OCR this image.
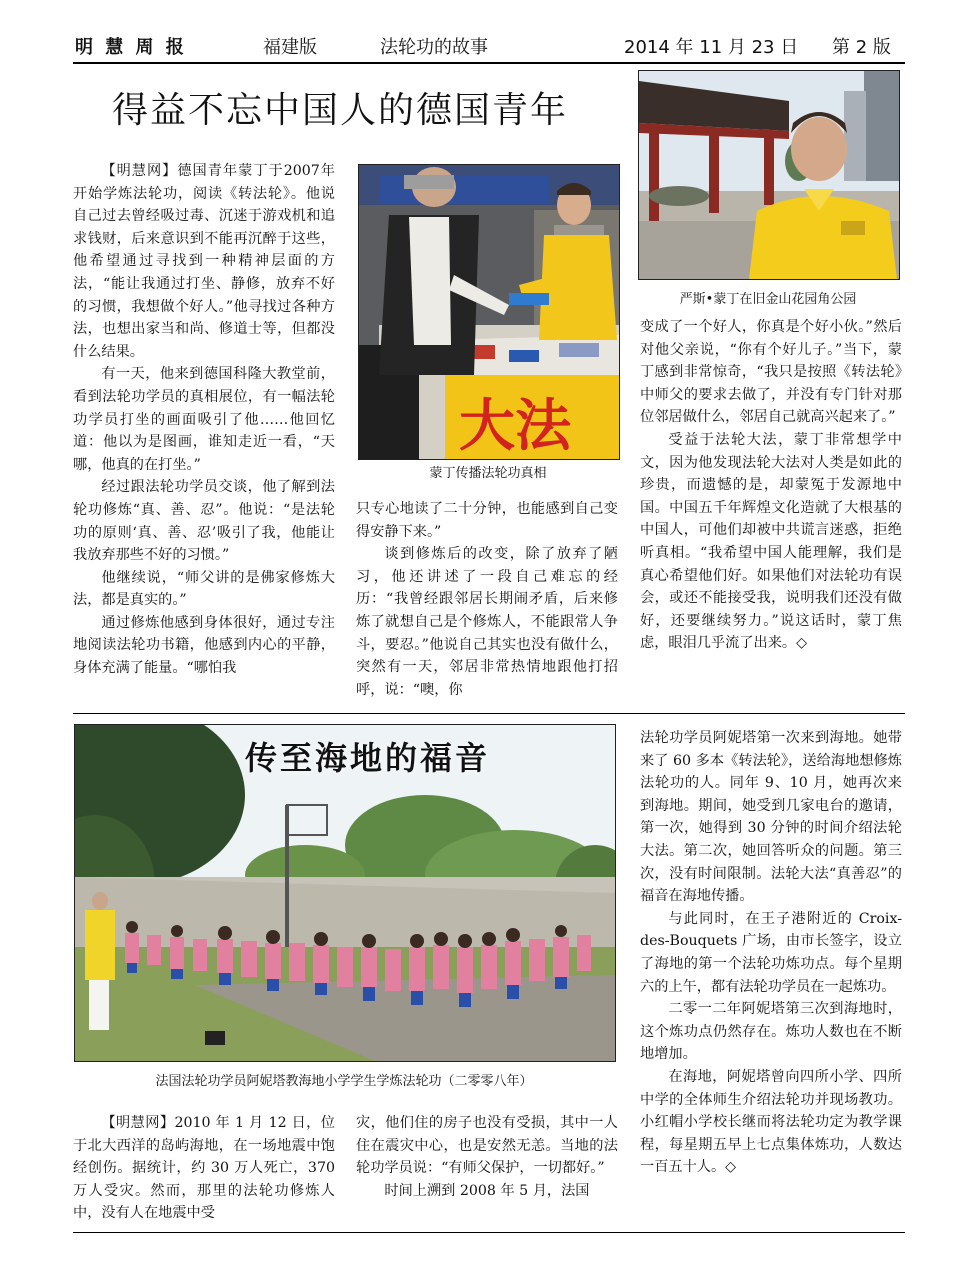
明 慧 周 报	福建版	法轮功的故事	2014 年 11 月 23 日 第 2 版
得益不忘中国人的德国青年
大法
蒙丁传播法轮功真相
严斯•蒙丁在旧金山花园角公园

【明慧网】德国青年蒙丁于2007年开始学炼法轮功，阅读《转法轮》。他说自己过去曾经吸过毒、沉迷于游戏机和追求钱财，后来意识到不能再沉醉于这些，他希望通过寻找到一种精神层面的方法，“能让我通过打坐、静修，放弃不好的习惯，我想做个好人。”他寻找过各种方法，也想出家当和尚、修道士等，但都没什么结果。

有一天，他来到德国科隆大教堂前，看到法轮功学员的真相展位，有一幅法轮功学员打坐的画面吸引了他……他回忆道：他以为是图画，谁知走近一看，“天哪，他真的在打坐。”

经过跟法轮功学员交谈，他了解到法轮功修炼“真、善、忍”。他说：“是法轮功的原则‘真、善、忍’吸引了我，他能让我放弃那些不好的习惯。”

他继续说，“师父讲的是佛家修炼大法，都是真实的。”

通过修炼他感到身体很好，通过专注地阅读法轮功书籍，他感到内心的平静，身体充满了能量。“哪怕我

只专心地读了二十分钟，也能感到自己变得安静下来。”

谈到修炼后的改变，除了放弃了陋习，他还讲述了一段自己难忘的经历：“我曾经跟邻居长期闹矛盾，后来修炼了就想自己是个修炼人，不能跟常人争斗，要忍。”他说自己其实也没有做什么，突然有一天，邻居非常热情地跟他打招呼，说：“噢，你

变成了一个好人，你真是个好小伙。”然后对他父亲说，“你有个好儿子。”当下，蒙丁感到非常惊奇，“我只是按照《转法轮》中师父的要求去做了，并没有专门针对那位邻居做什么，邻居自己就高兴起来了。”

受益于法轮大法，蒙丁非常想学中文，因为他发现法轮大法对人类是如此的珍贵，而遗憾的是，却蒙冤于发源地中国。中国五千年辉煌文化造就了大根基的中国人，可他们却被中共谎言迷惑，拒绝听真相。“我希望中国人能理解，我们是真心希望他们好。如果他们对法轮功有误会，或还不能接受我，说明我们还没有做好，还要继续努力。”说这话时，蒙丁焦虑，眼泪几乎流了出来。◇

传至海地的福音
法国法轮功学员阿妮塔教海地小学学生学炼法轮功（二零零八年）

【明慧网】2010 年 1 月 12 日，位于北大西洋的岛屿海地，在一场地震中饱经创伤。据统计，约 30 万人死亡，370 万人受灾。然而，那里的法轮功修炼人中，没有人在地震中受

灾，他们住的房子也没有受损，其中一人住在震灾中心，也是安然无恙。当地的法轮功学员说：“有师父保护，一切都好。”

时间上溯到 2008 年 5 月，法国

法轮功学员阿妮塔第一次来到海地。她带来了 60 多本《转法轮》，送给海地想修炼法轮功的人。同年 9、10 月，她再次来到海地。期间，她受到几家电台的邀请，第一次，她得到 30 分钟的时间介绍法轮大法。第二次，她回答听众的问题。第三次，没有时间限制。法轮大法“真善忍”的福音在海地传播。

与此同时，在王子港附近的 Croix-des-Bouquets 广场，由市长签字，设立了海地的第一个法轮功炼功点。每个星期六的上午，都有法轮功学员在一起炼功。

二零一二年阿妮塔第三次到海地时，这个炼功点仍然存在。炼功人数也在不断地增加。

在海地，阿妮塔曾向四所小学、四所中学的全体师生介绍法轮功并现场教功。小红帽小学校长继而将法轮功定为教学课程，每星期五早上七点集体炼功，人数达一百五十人。◇
